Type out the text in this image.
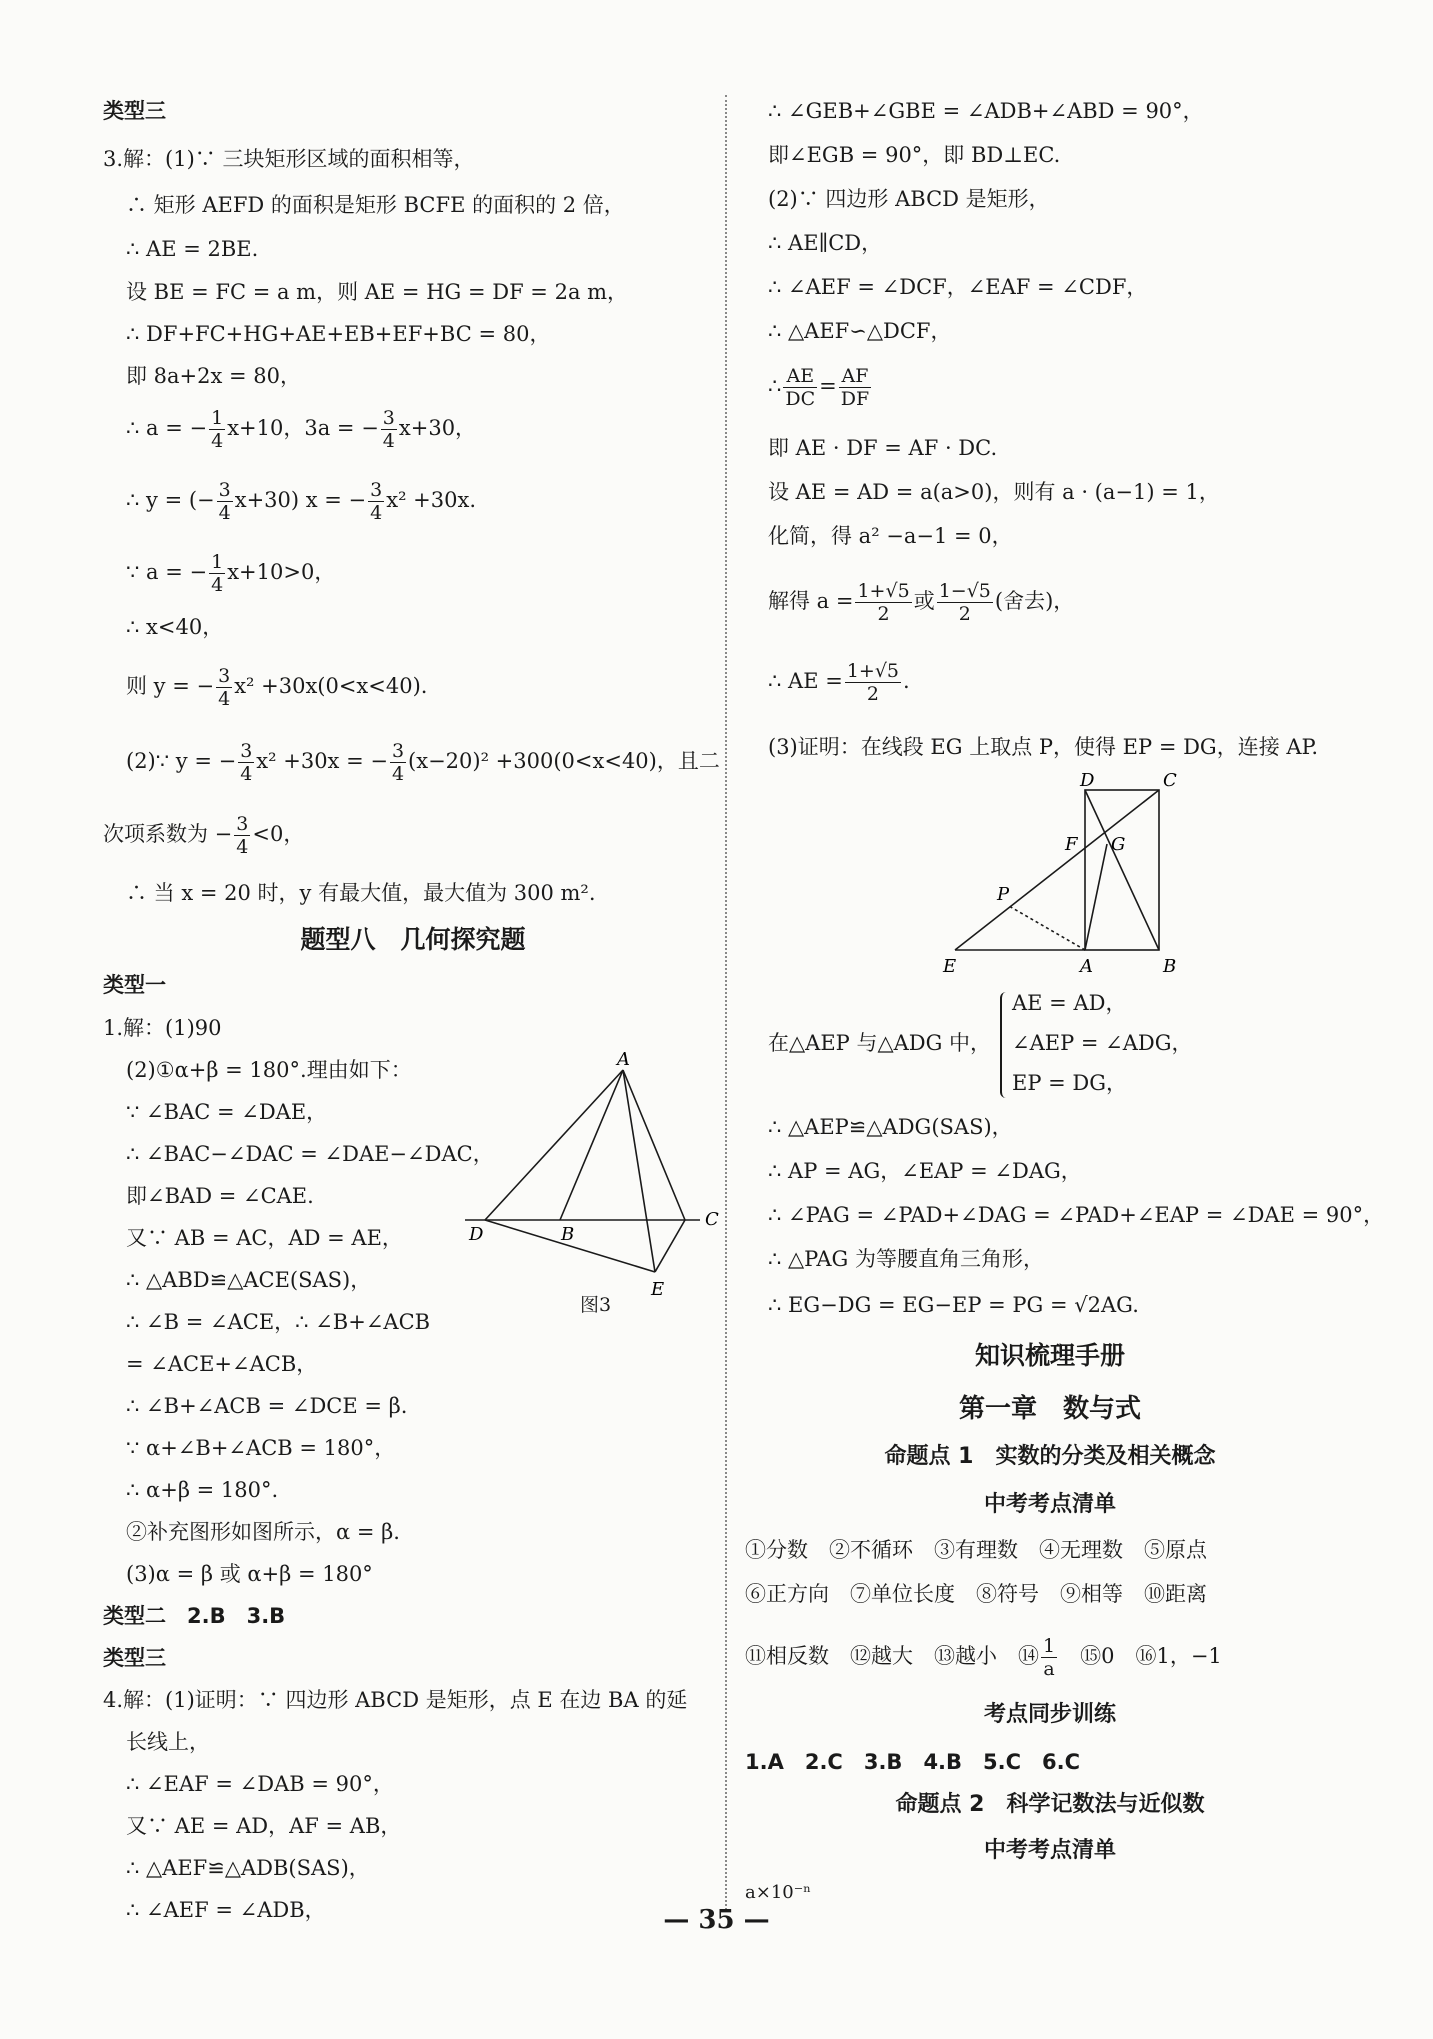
类型三
3.解：(1)∵ 三块矩形区域的面积相等，
∴ 矩形 AEFD 的面积是矩形 BCFE 的面积的 2 倍，
∴ AE = 2BE.
设 BE = FC = a m，则 AE = HG = DF = 2a m，
∴ DF+FC+HG+AE+EB+EF+BC = 80，
即 8a+2x = 80，
∴ a = − $\frac{1}{4} x+10$，3a = − $\frac{3}{4} x+30$，
∴ y = (− $\frac{3}{4} x+30$) x = − $\frac{3}{4} x^2 +30x$.
∵ a = − $\frac{1}{4} x+10>0$，
∴ x<40，
则 y = − $\frac{3}{4} x^2 +30x(0<x<40)$.
(2)∵ y = − $\frac{3}{4} x^2 +30x$ = − $\frac{3}{4} (x-20)^2 +300(0<x<40)$，且二
次项系数为 − $\frac{3}{4} <0$，
∴ 当 x = 20 时，y 有最大值，最大值为 300 m².
题型八　几何探究题
类型一
1.解：(1)90
(2)①α+β = 180°.理由如下：
∵ ∠BAC = ∠DAE，
∴ ∠BAC−∠DAC = ∠DAE−∠DAC，
即∠BAD = ∠CAE.
又∵ AB = AC，AD = AE，
∴ △ABD≌△ACE(SAS)，
∴ ∠B = ∠ACE，∴ ∠B+∠ACB
= ∠ACE+∠ACB，
∴ ∠B+∠ACB = ∠DCE = β.
∵ α+∠B+∠ACB = 180°，
∴ α+β = 180°.
②补充图形如图所示，α = β.
(3)α = β 或 α+β = 180°
类型二　2.B　3.B
类型三
4.解：(1)证明：∵ 四边形 ABCD 是矩形，点 E 在边 BA 的延
长线上，
∴ ∠EAF = ∠DAB = 90°，
又∵ AE = AD，AF = AB，
∴ △AEF≌△ADB(SAS)，
∴ ∠AEF = ∠ADB，
A
D	B
C
E
图3
∴ ∠GEB+∠GBE = ∠ADB+∠ABD = 90°，
即∠EGB = 90°，即 BD⊥EC.
(2)∵ 四边形 ABCD 是矩形，
∴ AE∥CD，
∴ ∠AEF = ∠DCF，∠EAF = ∠CDF，
∴ △AEF∽△DCF，
∴ $\frac{AE}{DC} = \frac{AF}{DF}$
即 AE · DF = AF · DC.
设 AE = AD = a(a>0)，则有 a · (a−1) = 1，
化简，得 a² −a−1 = 0，
解得 $a = \frac{1+√5}{2}$ 或 $\frac{1-√5}{2}$ (舍去)，
∴ AE = $\frac{1+√5}{2}$ .
(3)证明：在线段 EG 上取点 P，使得 EP = DG，连接 AP.
D	C
F G
P
E	A	B
在△AEP 与△ADG 中，
AE = AD，
∠AEP = ∠ADG，
EP = DG，
∴ △AEP≌△ADG(SAS)，
∴ AP = AG，∠EAP = ∠DAG，
∴ ∠PAG = ∠PAD+∠DAG = ∠PAD+∠EAP = ∠DAE = 90°，
∴ △PAG 为等腰直角三角形，
∴ EG−DG = EG−EP = PG = √2AG.
知识梳理手册
第一章　数与式
命题点 1　实数的分类及相关概念
中考考点清单
①分数　②不循环　③有理数　④无理数　⑤原点
⑥正方向　⑦单位长度　⑧符号　⑨相等　⑩距离
⑪相反数　⑫越大　⑬越小　⑭ $\frac{1}{a}$
　 ⑮0　⑯1，−1
考点同步训练
1.A　2.C　3.B　4.B　5.C　6.C
命题点 2　科学记数法与近似数
中考考点清单
a×10⁻ⁿ
— 35 —
